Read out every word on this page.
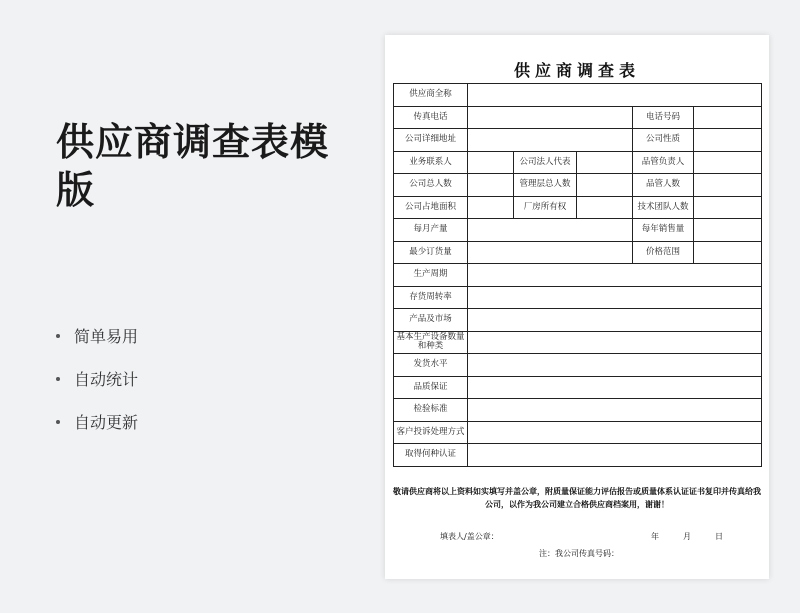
供应商调查表模版
简单易用
自动统计
自动更新
供应商调查表
供应商全称					
传真电话				电话号码	
公司详细地址				公司性质	
业务联系人		公司法人代表		品管负责人	
公司总人数		管理层总人数		品管人数	
公司占地面积		厂房所有权		技术团队人数	
每月产量				每年销售量	
最少订货量				价格范围	
生产周期					
存货周转率					
产品及市场					
基本生产设备数量和种类					
发货水平					
品质保证					
检验标准					
客户投诉处理方式					
取得何种认证					
敬请供应商将以上资料如实填写并盖公章，附质量保证能力评估报告或质量体系认证证书复印并传真给我公司，以作为我公司建立合格供应商档案用，谢谢！
填表人/盖公章：	年	月	日
注：我公司传真号码：
